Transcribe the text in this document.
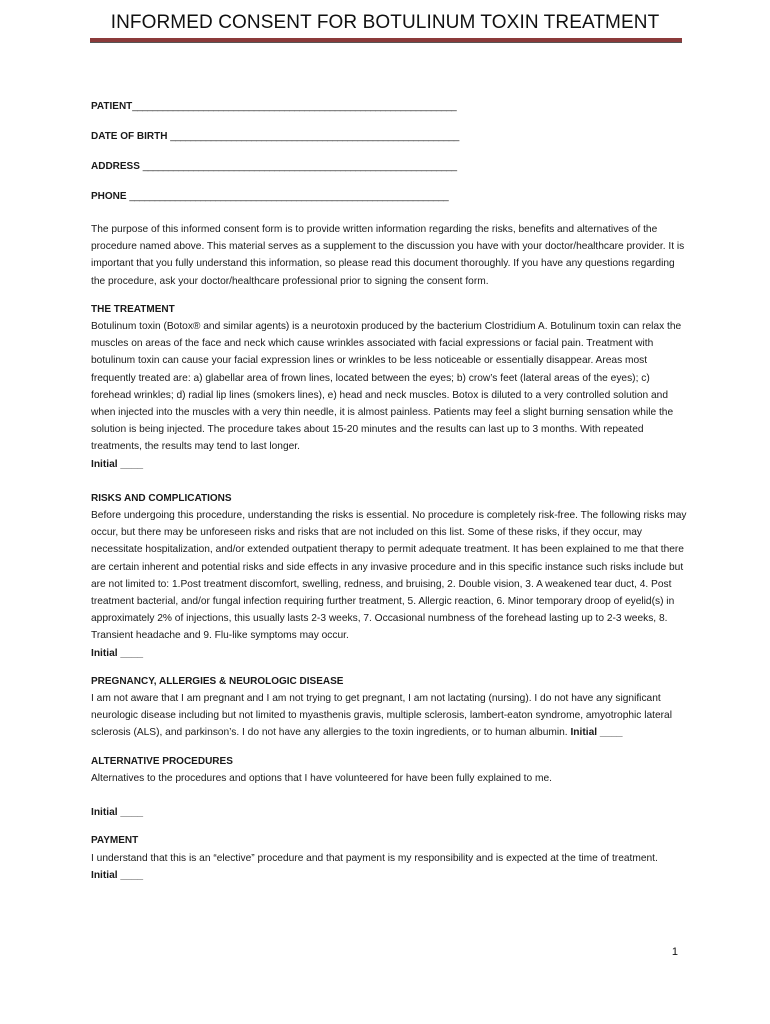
INFORMED CONSENT FOR BOTULINUM TOXIN TREATMENT
PATIENT________________________________________________________________
DATE OF BIRTH _________________________________________________________
ADDRESS ______________________________________________________________
PHONE _______________________________________________________________

The purpose of this informed consent form is to provide written information regarding the risks, benefits and alternatives of the procedure named above. This material serves as a supplement to the discussion you have with your doctor/healthcare provider. It is important that you fully understand this information, so please read this document thoroughly. If you have any questions regarding the procedure, ask your doctor/healthcare professional prior to signing the consent form.

THE TREATMENT

Botulinum toxin (Botox® and similar agents) is a neurotoxin produced by the bacterium Clostridium A. Botulinum toxin can relax the muscles on areas of the face and neck which cause wrinkles associated with facial expressions or facial pain. Treatment with botulinum toxin can cause your facial expression lines or wrinkles to be less noticeable or essentially disappear. Areas most frequently treated are: a) glabellar area of frown lines, located between the eyes; b) crow’s feet (lateral areas of the eyes); c) forehead wrinkles; d) radial lip lines (smokers lines), e) head and neck muscles. Botox is diluted to a very controlled solution and when injected into the muscles with a very thin needle, it is almost painless. Patients may feel a slight burning sensation while the solution is being injected. The procedure takes about 15-20 minutes and the results can last up to 3 months. With repeated treatments, the results may tend to last longer.

Initial ____

RISKS AND COMPLICATIONS

Before undergoing this procedure, understanding the risks is essential. No procedure is completely risk-free. The following risks may occur, but there may be unforeseen risks and risks that are not included on this list. Some of these risks, if they occur, may necessitate hospitalization, and/or extended outpatient therapy to permit adequate treatment. It has been explained to me that there are certain inherent and potential risks and side effects in any invasive procedure and in this specific instance such risks include but are not limited to: 1.Post treatment discomfort, swelling, redness, and bruising, 2. Double vision, 3. A weakened tear duct, 4. Post treatment bacterial, and/or fungal infection requiring further treatment, 5. Allergic reaction, 6. Minor temporary droop of eyelid(s) in approximately 2% of injections, this usually lasts 2-3 weeks, 7. Occasional numbness of the forehead lasting up to 2-3 weeks, 8. Transient headache and 9. Flu-like symptoms may occur.

Initial ____

PREGNANCY, ALLERGIES & NEUROLOGIC DISEASE

I am not aware that I am pregnant and I am not trying to get pregnant, I am not lactating (nursing). I do not have any significant neurologic disease including but not limited to myasthenis gravis, multiple sclerosis, lambert-eaton syndrome, amyotrophic lateral sclerosis (ALS), and parkinson’s. I do not have any allergies to the toxin ingredients, or to human albumin. Initial ____

ALTERNATIVE PROCEDURES

Alternatives to the procedures and options that I have volunteered for have been fully explained to me.

Initial ____

PAYMENT

I understand that this is an “elective” procedure and that payment is my responsibility and is expected at the time of treatment. Initial ____

1
